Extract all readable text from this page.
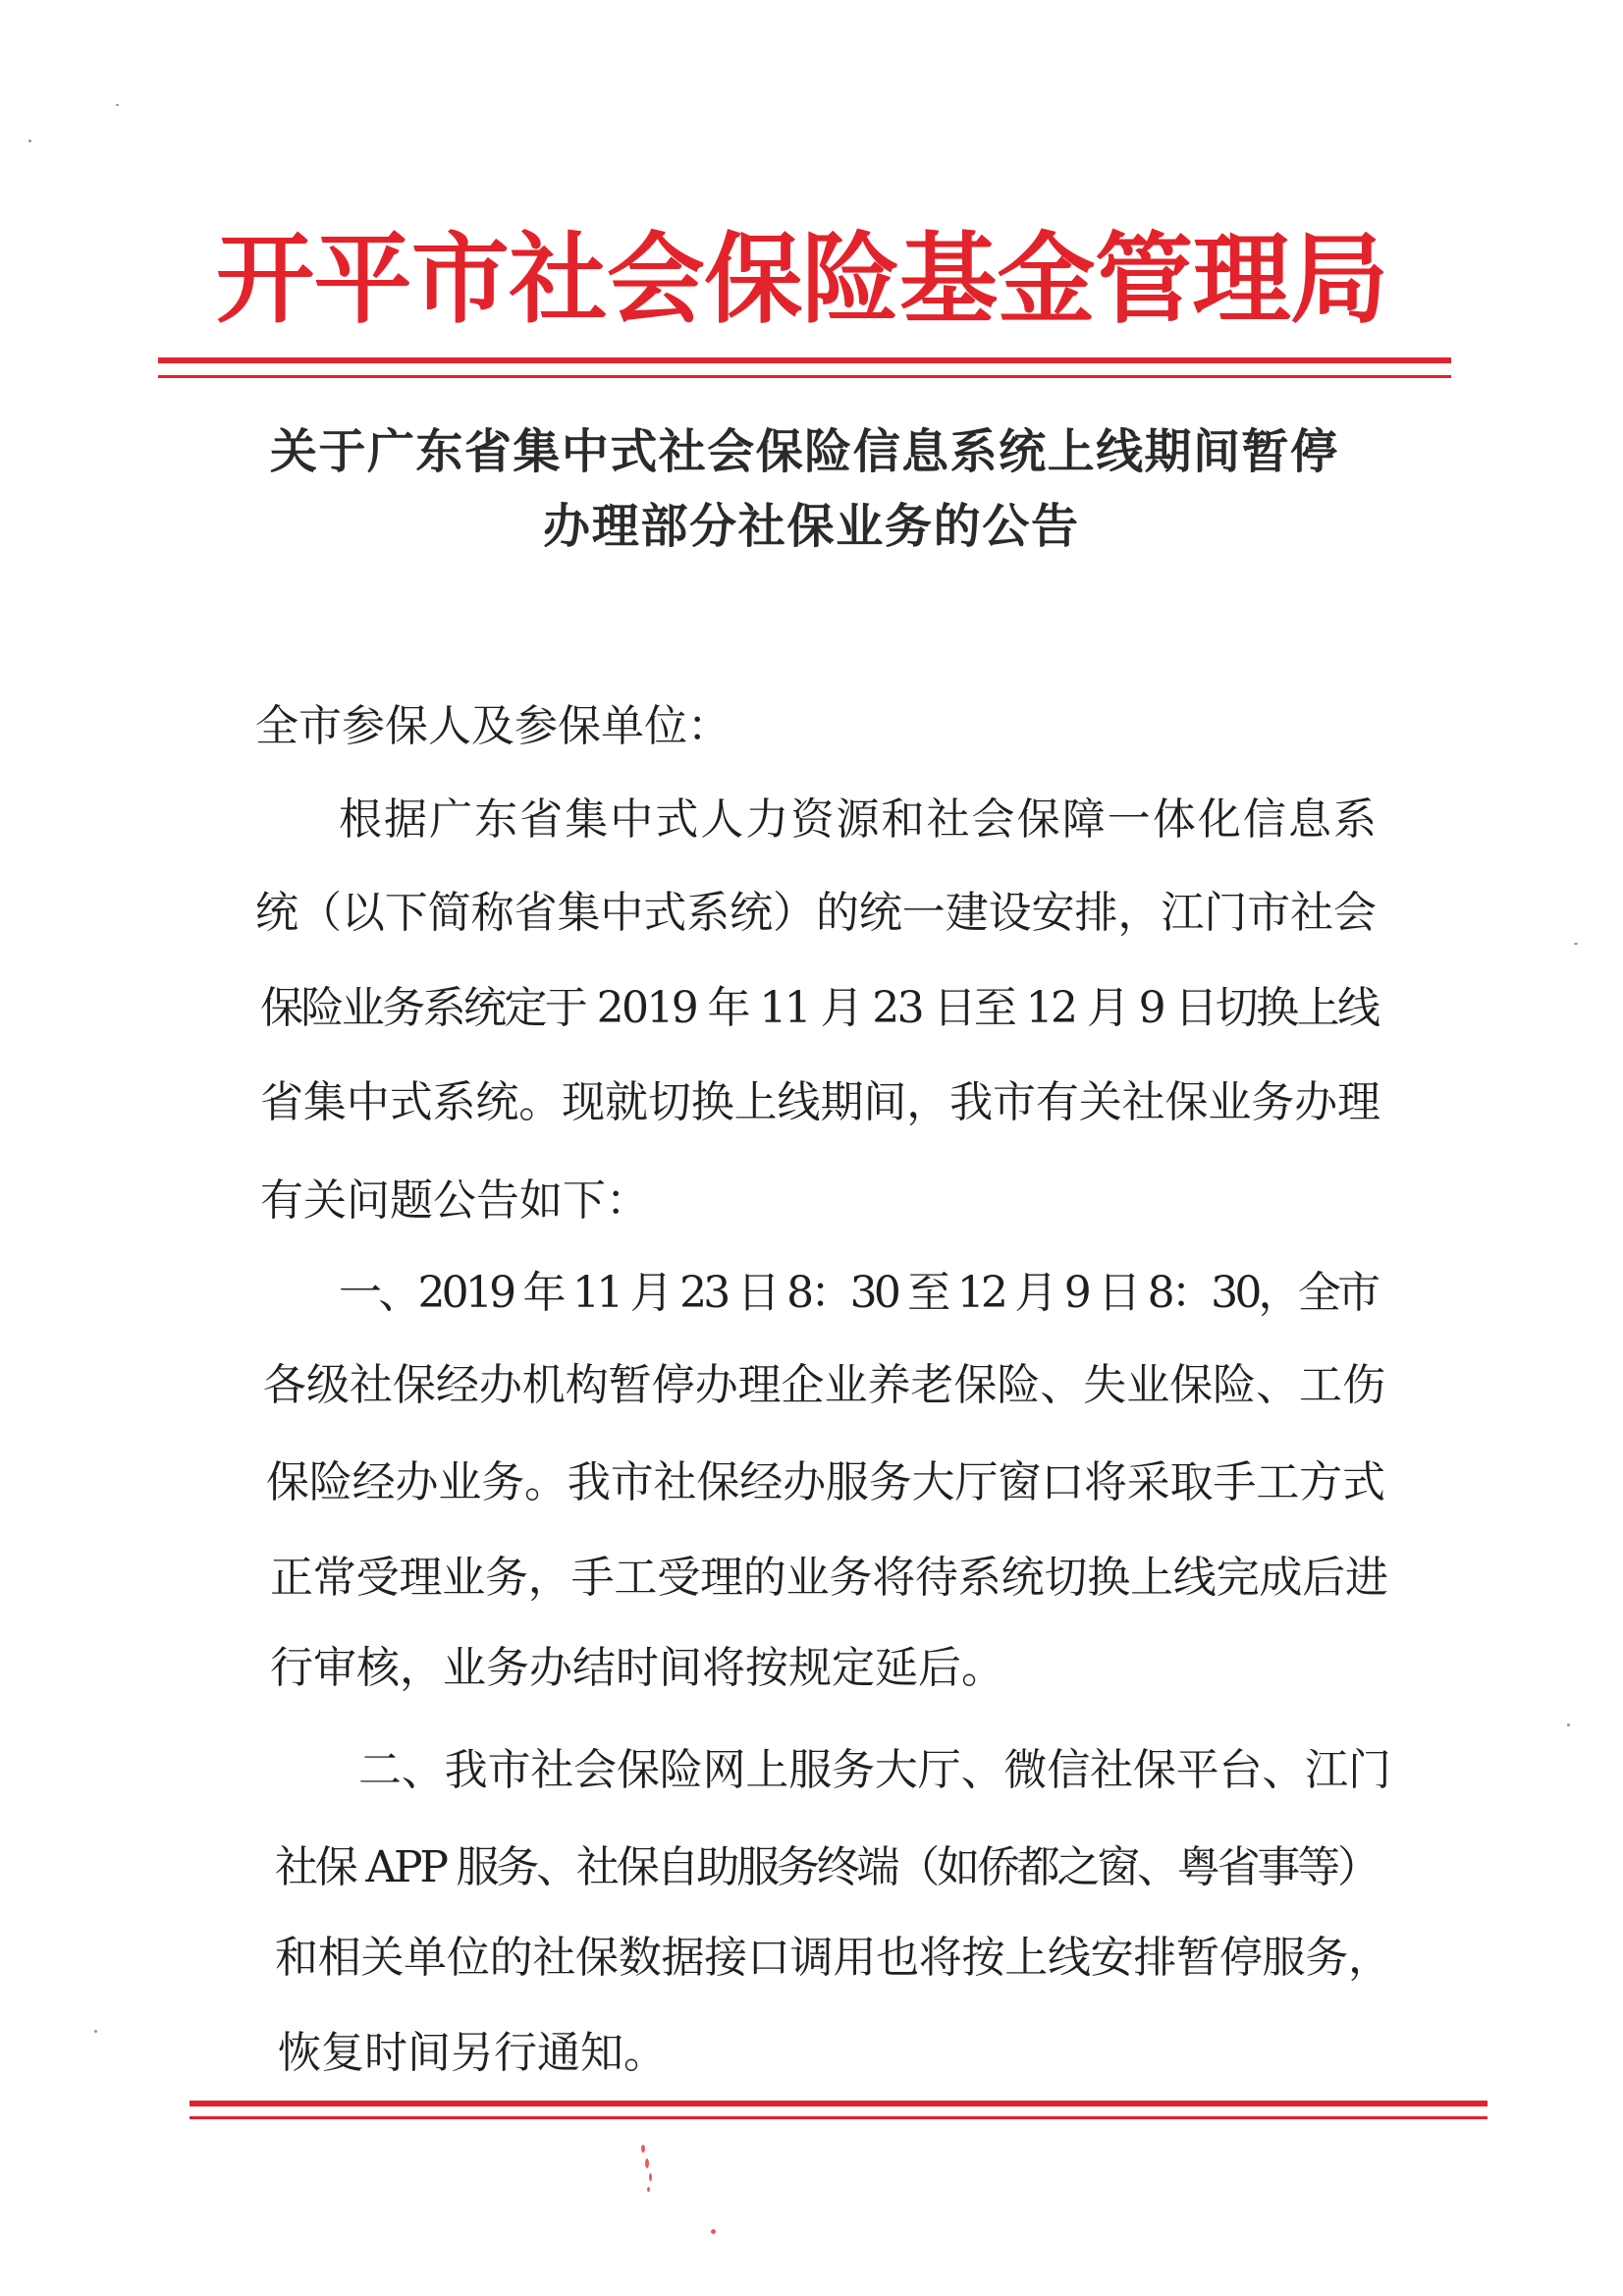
开平市社会保险基金管理局
关于广东省集中式社会保险信息系统上线期间暂停
办理部分社保业务的公告
全市参保人及参保单位：
根据广东省集中式人力资源和社会保障一体化信息系
统（以下简称省集中式系统）的统一建设安排，江门市社会
保险业务系统定于 2019 年 11 月 23 日至 12 月 9 日切换上线
省集中式系统。现就切换上线期间，我市有关社保业务办理
有关问题公告如下：
一、2019 年 11 月 23 日 8：30 至 12 月 9 日 8：30，全市
各级社保经办机构暂停办理企业养老保险、失业保险、工伤
保险经办业务。我市社保经办服务大厅窗口将采取手工方式
正常受理业务，手工受理的业务将待系统切换上线完成后进
行审核，业务办结时间将按规定延后。
二、我市社会保险网上服务大厅、微信社保平台、江门
社保 APP 服务、社保自助服务终端（如侨都之窗、粤省事等）
和相关单位的社保数据接口调用也将按上线安排暂停服务，
恢复时间另行通知。
